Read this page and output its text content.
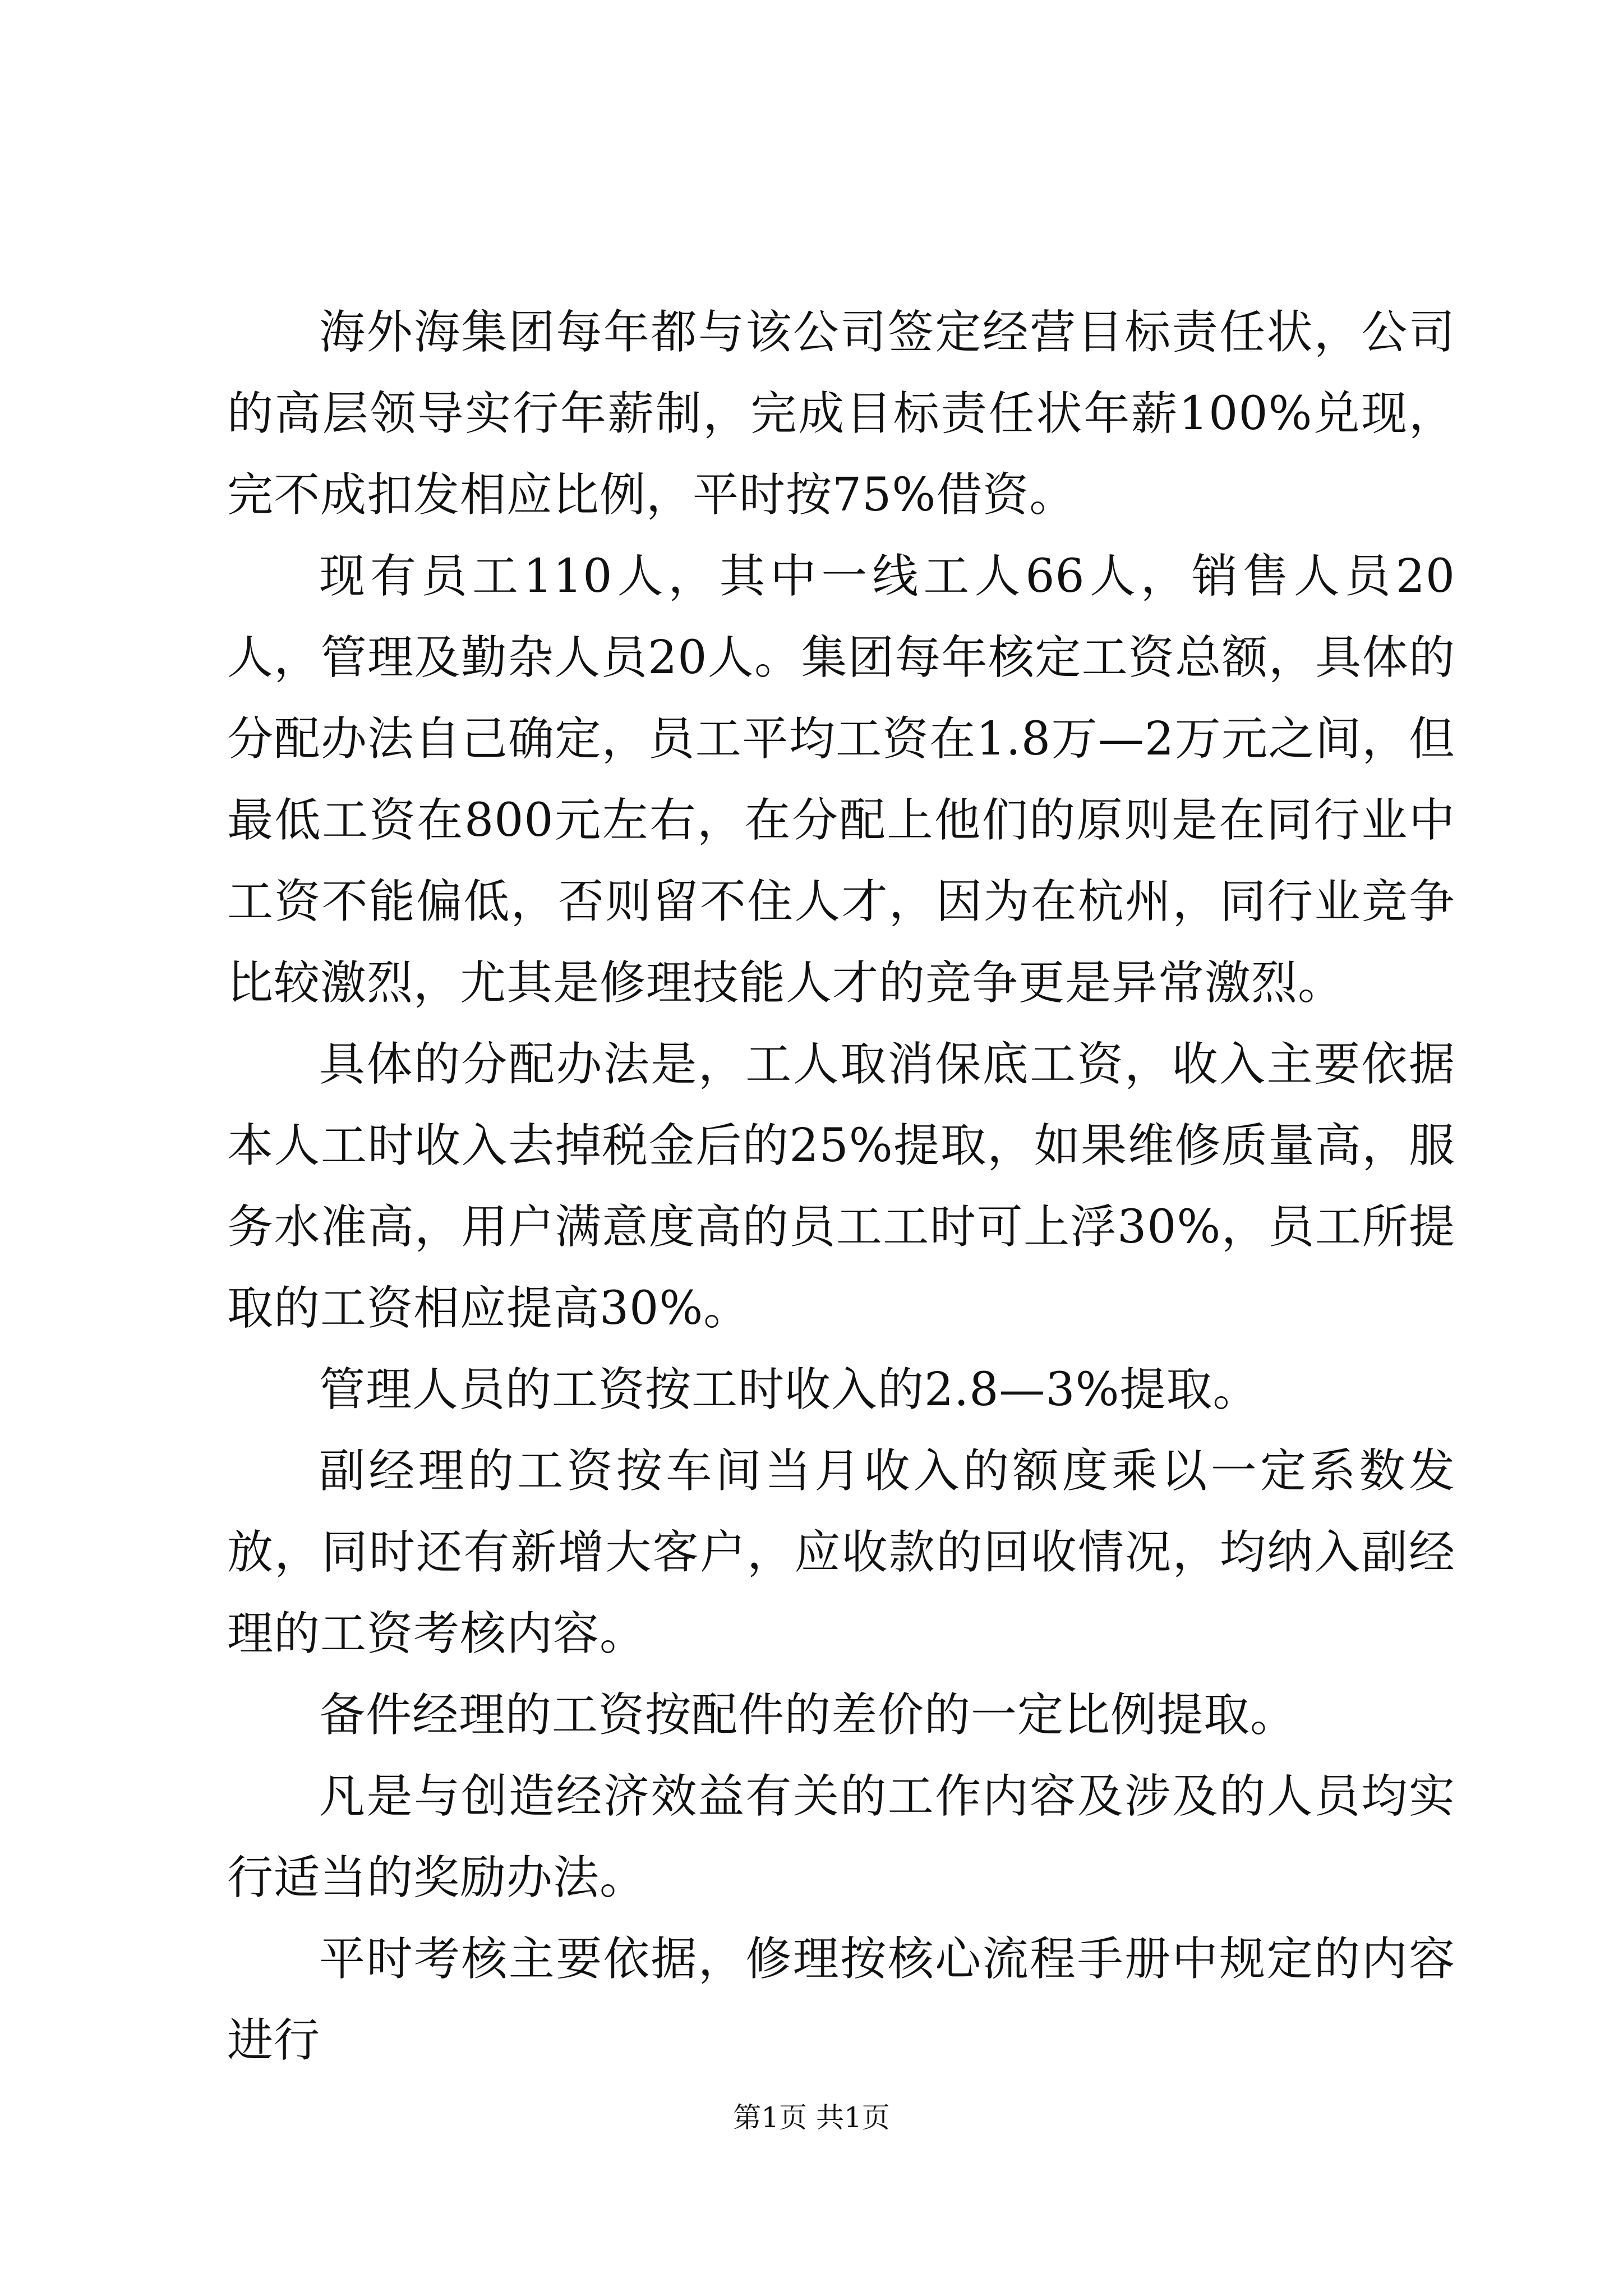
海外海集团每年都与该公司签定经营目标责任状，公司的高层领导实行年薪制，完成目标责任状年薪100%兑现，完不成扣发相应比例，平时按75%借资。

现有员工110人，其中一线工人66人，销售人员20人，管理及勤杂人员20人。集团每年核定工资总额，具体的分配办法自己确定，员工平均工资在1.8万—2万元之间，但最低工资在800元左右，在分配上他们的原则是在同行业中工资不能偏低，否则留不住人才，因为在杭州，同行业竞争比较激烈，尤其是修理技能人才的竞争更是异常激烈。

具体的分配办法是，工人取消保底工资，收入主要依据本人工时收入去掉税金后的25%提取，如果维修质量高，服务水准高，用户满意度高的员工工时可上浮30%，员工所提取的工资相应提高30%。

管理人员的工资按工时收入的2.8—3%提取。

副经理的工资按车间当月收入的额度乘以一定系数发放，同时还有新增大客户，应收款的回收情况，均纳入副经理的工资考核内容。

备件经理的工资按配件的差价的一定比例提取。

凡是与创造经济效益有关的工作内容及涉及的人员均实行适当的奖励办法。

平时考核主要依据，修理按核心流程手册中规定的内容进行

第1页 共1页
